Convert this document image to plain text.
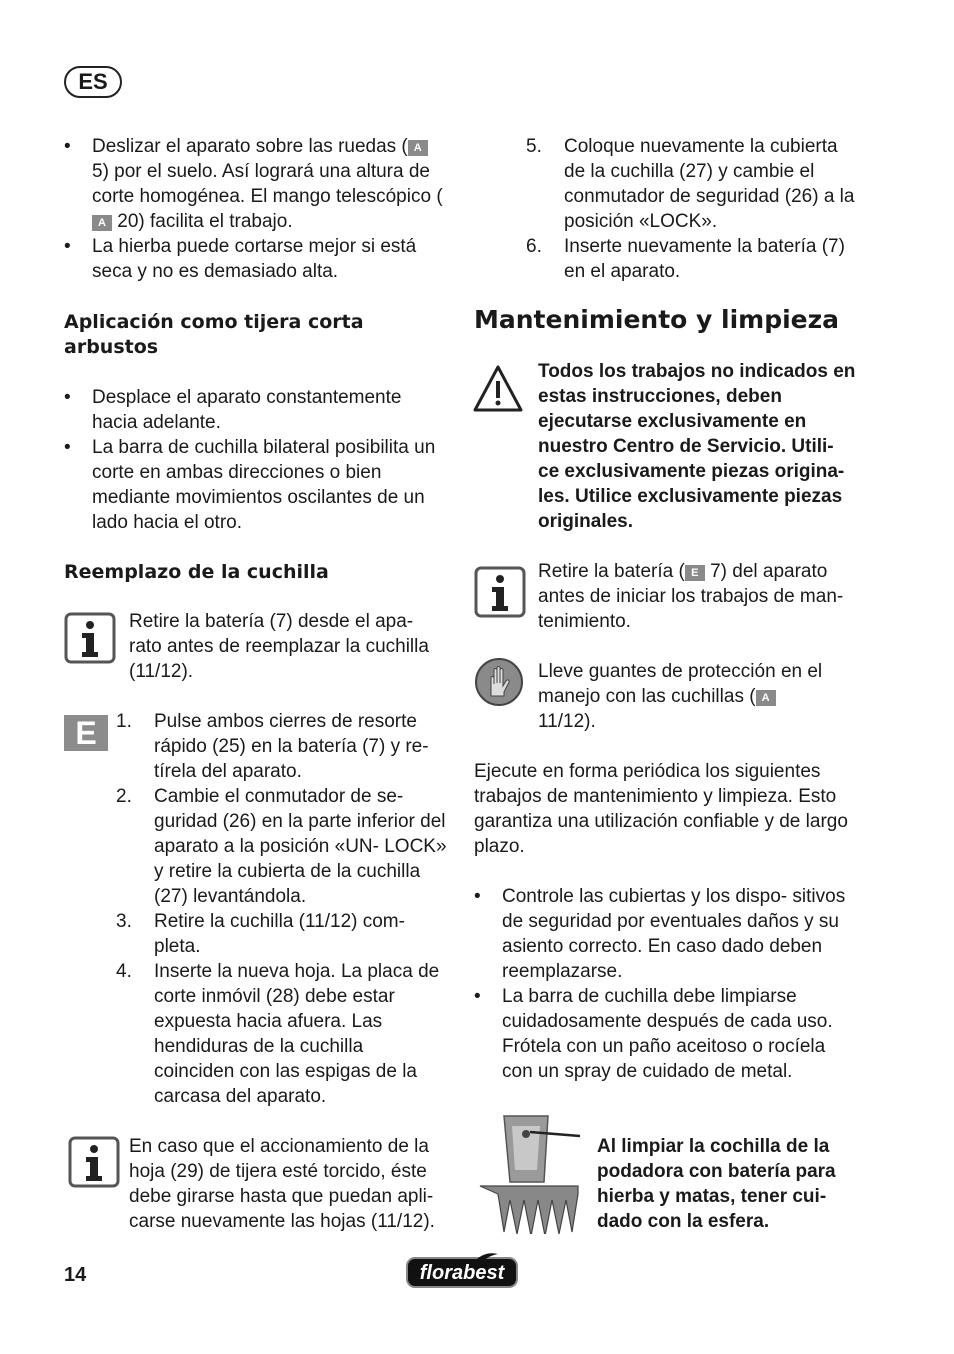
ES

• Deslizar el aparato sobre las ruedas ( A 5) por el suelo. Así logrará una altura de corte homogénea. El mango telescópico (A 20) facilita el trabajo.

• La hierba puede cortarse mejor si está seca y no es demasiado alta.

Aplicación como tijera corta arbustos

• Desplace el aparato constantemente hacia adelante.

• La barra de cuchilla bilateral posibilita un corte en ambas direcciones o bien mediante movimientos oscilantes de un lado hacia el otro.

Reemplazo de la cuchilla
Retire la batería (7) desde el apa- rato antes de reemplazar la cuchilla (11/12).
E	1. Pulse ambos cierres de resorte rápido (25) en la batería (7) y re- tírela del aparato.

2. Cambie el conmutador de se- guridad (26) en la parte inferior del aparato a la posición «UN- LOCK» y retire la cubierta de la cuchilla (27) levantándola.

3. Retire la cuchilla (11/12) com- pleta.

4. Inserte la nueva hoja. La placa de corte inmóvil (28) debe estar expuesta hacia afuera. Las hendiduras de la cuchilla coinciden con las espigas de la carcasa del aparato.

En caso que el accionamiento de la hoja (29) de tijera esté torcido, éste debe girarse hasta que puedan apli- carse nuevamente las hojas (11/12).

5. Coloque nuevamente la cubierta de la cuchilla (27) y cambie el conmutador de seguridad (26) a la posición «LOCK».

6. Inserte nuevamente la batería (7) en el aparato.

Mantenimiento y limpieza
Todos los trabajos no indicados en estas instrucciones, deben ejecutarse exclusivamente en nuestro Centro de Servicio. Utili- ce exclusivamente piezas origina- les. Utilice exclusivamente piezas originales.
Retire la batería ( E 7) del aparato antes de iniciar los trabajos de man- tenimiento.
Lleve guantes de protección en el manejo con las cuchillas ( A 11/12).
Ejecute en forma periódica los siguientes trabajos de mantenimiento y limpieza. Esto garantiza una utilización confiable y de largo plazo.

• Controle las cubiertas y los dispo- sitivos de seguridad por eventuales daños y su asiento correcto. En caso dado deben reemplazarse.

• La barra de cuchilla debe limpiarse cuidadosamente después de cada uso. Frótela con un paño aceitoso o rocíela con un spray de cuidado de metal.

Al limpiar la cochilla de la podadora con batería para hierba y matas, tener cui- dado con la esfera.
14	florabest
